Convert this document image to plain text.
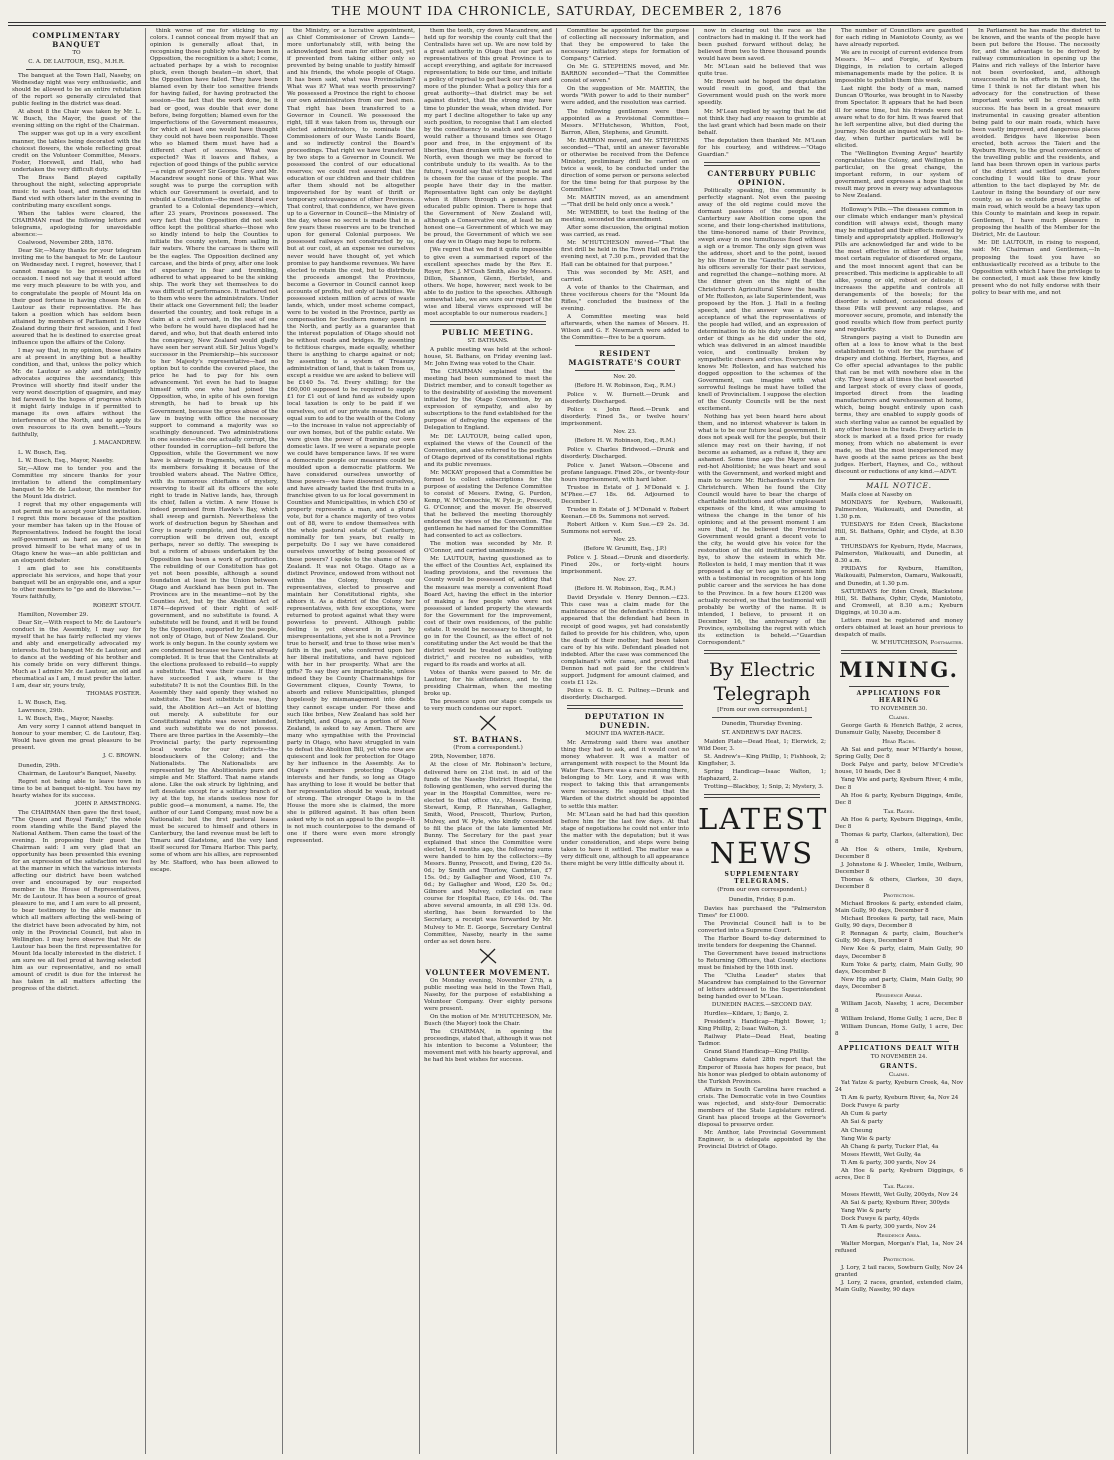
THE MOUNT IDA CHRONICLE, SATURDAY, DECEMBER 2, 1876
COMPLIMENTARY BANQUET
TO
C. A. DE LAUTOUR, ESQ., M.H.R.

The banquet at the Town Hall, Naseby, on Wednesday night was very enthusiastic, and should be allowed to be an entire refutation of the report so generally circulated that public feeling in the district was dead.

At about 8 the Chair was taken by Mr. L. W. Busch, the Mayor, the guest of the evening sitting on the right of the Chairman.

The supper was got up in a very excellent manner, the tables being decorated with the choicest flowers, the whole reflecting great credit on the Volunteer Committee, Messrs. Foster, Horswell, and Hall, who had undertaken the very difficult duty.

The Brass Band played capitally throughout the night, selecting appropriate music to each toast, and members of the Band vied with others later in the evening in contributing many excellent songs.

When the tables were cleared, the CHAIRMAN read the following letters and telegrams, apologising for unavoidable absence:—

Coalwood, November 28th, 1876.

Dear Sir,—Many thanks for your telegram inviting me to the banquet to Mr. de Lautour on Wednesday next. I regret, however, that I cannot manage to be present on the occasion. I need not say that it would afford me very much pleasure to be with you, and to congratulate the people of Mount Ida on their good fortune in having chosen Mr. de Lautour as their representative. He has taken a position which has seldom been attained by members of Parliament in New Zealand during their first session, and I feel assured that he is destined to exercise great influence upon the affairs of the Colony.

I may say that, in my opinion, those affairs are at present in anything but a healthy condition, and that, unless the policy which Mr. de Lautour so ably and intelligently advocates acquires the ascendancy, this Province will shortly find itself under the very worst description of quagmire, and may bid farewell to the hopes of progress which it might fairly indulge in if permitted to manage its own affairs without the interference of the North, and to apply its own resources to its own benefit.—Yours faithfully,

J. MACANDREW.

L. W. Busch, Esq.

L. W. Busch, Esq., Mayor, Naseby.

Sir,—Allow me to tender you and the Committee my sincere thanks for your invitation to attend the complimentary banquet to Mr. de Lautour, the member for the Mount Ida district.

I regret that my other engagements will not permit me to accept your kind invitation. I regret this more because of the position your member has taken up in the House of Representatives. Indeed he fought the local self-government as hard as any, and he proved himself to be what many of us in Otago knew he was—an able politician and an eloquent debater.

I am glad to see his constituents appreciate his services, and hope that your banquet will be an enjoyable one, and a spur to other members to "go and do likewise."—Yours faithfully,

ROBERT STOUT.

Hamilton, November 29.

Dear Sir,—With respect to Mr. de Lautour's conduct in the Assembly, I may say for myself that he has fairly reflected my views and ably and energetically advocated my interests. But to banquet Mr. de Lautour, and to dance at the wedding of his brother and his comely bride on very different things. Much as I admire Mr. de Lautour, an old and rheumatical as I am, I must prefer the latter. I am, dear sir, yours truly,

THOMAS FOSTER.

L. W. Busch, Esq.

Lawrence, 29th.

L. W. Busch, Esq., Mayor, Naseby.

Am very sorry I cannot attend banquet in honour to your member, C. de Lautour, Esq. Would have given me great pleasure to be present.

J. C. BROWN.

Dunedin, 29th.

Chairman, de Lautour's Banquet, Naseby.

Regret not being able to leave town in time to be at banquet to-night. You have my hearty wishes for its success.

JOHN P. ARMSTRONG.

The CHAIRMAN then gave the first toast, "The Queen and Royal Family," the whole room standing while the Band played the National Anthem. Then came the toast of the evening. In proposing their guest the Chairman said: I am very glad that an opportunity has been presented this evening for an expression of the satisfaction we feel at the manner in which the various interests affecting our district have been watched over and encouraged by our respected member in the House of Representatives, Mr. de Lautour. It has been a source of great pleasure to me, and I am sure to all present, to bear testimony to the able manner in which all matters affecting the well-being of the district have been advocated by him, not only in the Provincial Council, but also in Wellington. I may here observe that Mr. de Lautour has been the first representative for Mount Ida locally interested in the district. I am sure we all feel proud at having selected him as our representative, and no small amount of credit is due for the interest he has taken in all matters affecting the progress of the district.

think worse of me for sticking to my colors. I cannot conceal from myself that an opinion is generally afloat that, in recognising those publicly who have been in Opposition, the recognition is a shot; I come, actuated perhaps by a wish to recognise pluck, even though beaten—in short, that the Opposition have failed. They have been blamed even by their too sensitive friends for having failed, for having protracted the session—the fact that the work done, be it bad or good, was double that ever done before, being forgotten; blamed even for the imperfections of the Government measures, for which at least one would have thought they could not have been responsible. Those who so blamed them must have had a different chart of success. What was expected? Was it loaves and fishes, a rejection of good things of the public service—a reign of power? Sir George Grey and Mr. Macandrew sought none of this. What was sought was to purge the corruption with which our Government is overlaid, and to rebuild a Constitution—the most liberal ever granted to a Colonial dependency—which, after 23 years, Provinces possessed. The very fact that the Opposition did not seek office kept the political sharks—those who so kindly intend to help the Counties to initiate the county system, from sailing in fair waters. Where the carcase is there will be the eagles. The Opposition declined any carcase, and the birds of prey, after one look of expectancy in fear and trembling, adhered to what appeared to be the sinking ship. The work they set themselves to do was difficult of performance. It mattered not to them who were the administrators. Under their attack one Government fell; the leader deserted the country, and took refuge in a claim at a civil servant, in the seat of one who before he would have displaced had he dared, and who, but that death entered into the conspiracy, New Zealand would gladly have seen her servant still. Sir Julius Vogel's successor in the Premiership—his successor to her Majesty's representative—had no option but to confide the covered place, the price he had to pay for his own advancement. Yet even he had to league himself with one who had joined the Opposition, who, in spite of his own foreign strength, he had to break up his Government, because the gross abuse of the law in buying with office the necessary support to command a majority was so scathingly denounced. Two administrations in one session—the one actually corrupt, the other founded in corruption—fell before the Opposition, while the Government we now have is already in fragments, with three of its members forsaking it because of the troubled waters ahead. The Native Office, with its numerous chieftains of mystery, reserving to itself all its officers the sole right to trade in Native lands, has, through its chief, fallen a victim. A new House is indeed promised from Hawke's Bay, which shall sweep and garnish. Nevertheless the work of destruction begun by Sheehan and Grey is nearly complete, and the devils of corruption will be driven out, except perhaps, never so deftly. The sweeping is but a reform of abuses undertaken by the Opposition has been a work of purification. The rebuilding of our Constitution has got yet not been possible, although a sound foundation at least in the Union between Otago and Auckland has been put in. The Provinces are in the meantime—not by the Counties Act, but by the Abolition Act of 1874—deprived of their right of self-government, and no substitute is found. A substitute will be found, and it will be found by the Opposition, supported by the people, not only of Otago, but of New Zealand. Our work is only begun. In the county system we are condemned because we have not already completed. It is true that the Centralists at the elections professed to rebuild—to supply a substitute. That was their cause. If they have succeeded I ask, where is the substitute? It is not the Counties Bill. In the Assembly they said openly they wished no substitute. The best substitute was, they said, the Abolition Act—an Act of blotting out merely. A substitute for our Constitutional rights was never intended, and such substitute we do not possess. There are three parties in the Assembly—the Provincial party; the party representing local works for our districts—the bloodsuckers of the Colony; and the Nationalists. The Nationalists are represented by the Abolitionists pure and simple and Mr. Stafford. That name stands alone. Like the oak struck by lightning, and left desolate except for a solitary branch of ivy at the top, he stands useless now for public good—a monument, a name. He, the author of our Land Company, must now be a Nationalist: but the first pastoral leases must be secured to himself and others in Canterbury, the land revenue must be left to Timaru and Gladstone, and the very land itself secured for Timaru Harbor. This party, some of whom are his allies, are represented by Mr. Stafford, who has been allowed to escape.

the Ministry, or a lucrative appointment, as Chief Commissioner of Crown Lands—more unfortunately still, with being the acknowledged best man for either post, yet if prevented from taking either only so prevented by being unable to justify himself and his friends, the whole people of Otago. It has been said, what was Provincialism? What was it? What was worth preserving? We possessed a Province the right to choose our own administrators from our best men. That right has been transferred to a Governor in Council. We possessed the right, till it was taken from us, through our elected administrators, to nominate the Commissioners of our Waste Lands Board, and so indirectly control the Board's proceedings. That right we have transferred by two steps to a Governor in Council. We possessed the control of our educational reserves; we could rest assured that the education of our children and their children after them should not be altogether impoverished for by want of thrift or temporary extravagance of other Provinces. That control, that confidence, we have given up to a Governor in Council—the Ministry of the day, whose no secret is made that in a few years these reserves are to be trenched upon for general Colonial purposes. We possessed railways not constructed by us, but at our cost, at an expense we ourselves never would have thought of, yet which promise to pay handsome revenues. We have elected to retain the cost, but to distribute the proceeds amongst the Provinces, become a Governor in Council cannot keep accounts of profits, but only of liabilities. We possessed sixteen million of acres of waste lands, which, under most scheme compact, were to be vested in the Province, partly as compensation for Southern money spent in the North, and partly as a guarantee that the interest population of Otago should not be without roads and bridges. By assenting to fictitious charges, made equally, whether there is anything to charge against or not; by assenting to a system of Treasury administration of land, that is taken from us, except a residue we are asked to believe will be £140 5s. 7d. Every shilling; for the £60,000 supposed to be required to supply £1 for £1 out of land fund as subsidy upon local taxation is only to be paid if we ourselves, out of our private means, find an equal sum to add to the wealth of the Colony—to the increase in value not appreciably of our own homes, but of the public estate. We were given the power of framing our own domestic laws. If we were a separate people we could have temperance laws. If we were a democratic people our measures could be moulded upon a democratic platform. We have considered ourselves unworthy of these powers—we have disowned ourselves, and have already tasted the first fruits in a franchise given to us for local government in Counties and Municipalities, in which £50 of property represents a man, and a plural vote, but for a chance majority of two votes out of 88, were to endow themselves with the whole pastoral estate of Canterbury, nominally for ten years, but really in perpetuity. Do I say we have considered ourselves unworthy of being possessed of these powers? I spoke to the shame of New Zealand. It was not Otago. Otago as a distinct Province, endowed from without not within the Colony, through our representatives, elected to preserve and maintain her Constitutional rights, she abhors it. As a district of the Colony her representatives, with few exceptions, were returned to protest against what they were powerless to prevent. Although public feeling is yet obscured in part by misrepresentations, yet she is not a Province true to herself, and true to those wise men's faith in the past, who conferred upon her her liberal institutions, and have rejoiced with her in her prosperity. What are the gifts? To say they are impracticable, unless indeed they be County Chairmanships for Government cliques, County Towns, to absorb and relieve Municipalities, plunged hopelessly by mismanagement into debts they cannot escape under. For these and such like bribes, New Zealand has sold her birthright, and Otago, as a portion of New Zealand, is asked to say Amen. There are many who sympathise with the Provincial party in Otago, who have struggled in vain to defeat the Abolition Bill, yet who now are quiescent and look for protection for Otago by her influence in the Assembly. As to Otago's members protecting Otago's interests and her funds, so long as Otago has anything to lose it would be better that her representation should be weak, instead of strong. The stronger Otago is in the House the more she is claimed, the more she is pilfered against. It has often been asked why is not an appeal to the people—It is not much counterpoise to the demand of one if there were even more strongly represented.

them the teeth, cry down Macandrew, and held up for worship the county cult that the Centralists have set up. We are now told by a great authority in Otago that our part as representatives of this great Province is to accept everything, and agitate for increased representation; to bide our time, and initiate a policy of reprisal to get back our share and more of the plunder. What a policy this for a great authority—that district may be set against district, that the strong may have time to plunder the weak, when divided. For my part I decline altogether to take up any such position, to recognise that I am elected by the constituency to snatch and devour. I would rather a thousand times see Otago poor and free, in the enjoyment of its liberties, than drunken with the spoils of the North, even though we may be forced to contribute unduly to its wealth. As to the future, I would say that victory must be and is chosen for the cause of the people. The people have their day in the matter. Representative light can only be daylight when it filters through a generous and educated public opinion. There is hope that the Government of New Zealand will, although a Conservative one, at least be an honest one—a Government of which we may be proud, the Government of which we see one day we in Otago may hope to reform.

[We regret that we find it quite impossible to give even a summarised report of the excellent speeches made by the Rev. E. Royer, Rev. J. M'Cosh Smith, also by Messrs. Dillon, Shannon, Glenn, Hertslet, and others. We hope, however, next week to be able to do justice to the speeches. Although somewhat late, we are sure our report of the wise and liberal views expressed will be most acceptable to our numerous readers.]

PUBLIC MEETING.
ST. BATHANS.

A public meeting was held at the school-house, St. Bathans, on Friday evening last. Mr. John Ewing was voted to the Chair.

The CHAIRMAN explained that the meeting had been summoned to meet the District member, and to consult together as to the desirability of assisting the movement initiated by the Otago Convention, by an expression of sympathy, and also by subscriptions to the fund established for the purpose of defraying the expenses of the Delegation to England.

Mr. DE LAUTOUR, being called upon, explained the views of the Council of the Convention, and also referred to the position of Otago deprived of its constitutional rights and its public revenues.

Mr. MCKAY proposed that a Committee be formed to collect subscriptions for the purpose of assisting the Defence Committee to consist of Messrs. Ewing, G. Purdon, Kemp, W. M'Connochie, W. Pyle jr., Prescott, G. O'Connor, and the mover. He observed that he believed the meeting thoroughly endorsed the views of the Convention. The gentlemen he had named for the Committee had consented to act as collectors.

The motion was seconded by Mr. P. O'Connor, and carried unanimously.

Mr. LAUTOUR, having questioned as to the effect of the Counties Act, explained its leading provisions, and the revenues the County would be possessed of, adding that the measure was merely a convenient Road Board Act, having the effect in the interior of making a few people who were not possessed of landed property the stewards for the Government for the improvement, cost of their own residences, of the public estate. It would be necessary to thought, to go in for the Council, as the effect of not constituting under the Act would be that the district would be treated as an "outlying district," and receive no subsidies, with regard to its roads and works at all.

Votes of thanks were passed to Mr. de Lautour, for his attendance, and to the presiding Chairman, when the meeting broke up.

The presence upon our stage compels us to very much condense our report.

ST. BATHANS.
(From a correspondent.)

29th, November, 1876.

At the close of Mr. Robinson's lecture, delivered here on 21st inst. in aid of the funds of the Naseby District Hospital, the following gentlemen, who served during the year in the Hospital Committee, were re-elected to that office viz., Messrs. Ewing, Stewart, Kemp, P. Hanrahan, Gallagher, Smith, Wood, Prescott, Thurlow, Purton, Mulvey, and W. Pyle, who kindly consented to fill the place of the late lamented Mr. Bunny. The Secretary for the past year explained that since the Committee were elected, 14 months ago, the following sums were handed to him by the collectors:—By Messrs. Bunny, Prescott, and Ewing, £20 5s. 0d.; by Smith and Thurlow, Cambrian, £7 15s. 0d.; by Gallagher and Wood, £10 7s. 6d.; by Gallagher and Wood, £20 5s. 0d.; Gilmore and Mulvey, collected on race course for Hospital Race, £9 14s. 0d. The above several amounts, in all £98 13s. 0d. sterling, has been forwarded to the Secretary, a receipt was forwarded by Mr. Mulvey to Mr. E. George, Secretary Central Committee, Naseby, nearly in the same order as set down here.

VOLUNTEER MOVEMENT.

On Monday evening, November 27th, a public meeting was held in the Town Hall, Naseby, for the purpose of establishing a Volunteer Company. Over eighty persons were present.

On the motion of Mr. M'HUTCHESON, Mr. Busch (the Mayor) took the Chair.

The CHAIRMAN, in opening the proceedings, stated that, although it was not his intention to become a Volunteer, the movement met with his hearty approval, and he had his best wishes for success.

Committee be appointed for the purpose of collecting all necessary information, and that they be empowered to take the necessary initiatory steps for formation of Company." Carried.

On Mr. G. STEPHENS moved, and Mr. BARRON seconded—"That the Committee consist of seven."

On the suggestion of Mr. MARTIN, the words "With power to add to their number" were added, and the resolution was carried.

The following gentlemen were then appointed as a Provisional Committee—Messrs. M'Hutcheson, Whitton, Foot, Barron, Allen, Stephens, and Grumitt.

Mr. BARRON moved, and Mr. STEPHENS seconded—"That, until an answer favorable or otherwise be received from the Defence Minister, preliminary drill be carried on twice a week, to be conducted under the direction of some person or persons selected for the time being for that purpose by the Committee."

Mr. MARTIN moved, as an amendment—"That drill be held only once a week."

Mr. WEMBER, to test the feeling of the meeting, seconded the amendment.

After some discussion, the original motion was carried, as read.

Mr. M'HUTCHESON moved—"That the first drill be held in the Town Hall on Friday evening next, at 7.30 p.m., provided that the Hall can be obtained for that purpose."

This was seconded by Mr. ASH, and carried.

A vote of thanks to the Chairman, and three vociferous cheers for the "Mount Ida Rifles," concluded the business of the evening.

A Committee meeting was held afterwards, when the names of Messrs. H. Wilson and G. F. Newmarch were added to the Committee—five to be a quorum.

RESIDENT MAGISTRATE'S COURT
Nov. 20.
(Before H. W. Robinson, Esq., R.M.)

Police v. W. Burnett.—Drunk and disorderly. Discharged.

Police v. John Reed.—Drunk and disorderly. Fined 5s., or twelve hours' imprisonment.

Nov. 23.
(Before H. W. Robinson, Esq., R.M.)

Police v. Charles Bridwood.—Drunk and disorderly. Discharged.

Police v. Janet Watson.—Obscene and profane language. Fined 20s., or twenty-four hours imprisonment, with hard labor.

Trustee in Estate of J. M'Donald v. J. M'Phee.—£7 18s. 6d. Adjourned to December 1.

Trustee in Estate of J. M'Donald v. Robert Keenan.—£6 9s. Summons not served.

Robert Aitken v. Kum Sue.—£9 2s. 3d. Summons not served.

Nov. 25.
(Before W. Grumitt, Esq., J.P.)

Police v. J. Stead.—Drunk and disorderly. Fined 20s., or forty-eight hours imprisonment.

Nov. 27.
(Before H. W. Robinson, Esq., R.M.)

David Drysdale v. Henry Dennon.—£23. This case was a claim made for the maintenance of the defendant's children. It appeared that the defendant had been in receipt of good wages, yet had consistently failed to provide for his children, who, upon the death of their mother, had been taken care of by his wife. Defendant pleaded not indebted. After the case was commenced the complainant's wife came, and proved that Dennon had not paid for the children's support. Judgment for amount claimed, and costs £1 12s.

Police v. G. B. C. Pultney.—Drunk and disorderly. Discharged.

DEPUTATION IN DUNEDIN.
MOUNT IDA WATER-RACE.

Mr. Armstrong said there was another thing they had to ask, and it would cost no money whatever. It was a matter of arrangement with respect to the Mount Ida Water Race. There was a race running there, belonging to Mr. Lory, and it was with respect to taking this that arrangements were necessary. He suggested that the Warden of the district should be appointed to settle this matter.

Mr. M'Lean said he had had this question before him for the last few days. At that stage of negotiations he could not enter into the matter with the deputation; but it was under consideration, and steps were being taken to have it settled. The matter was a very difficult one, although to all appearance there might be very little difficulty about it.

now in clearing out the race as the contractors had in making it. If the work had been pushed forward without delay, he believed from two to three thousand pounds would have been saved.

Mr. M'Lean said he believed that was quite true.

Mr. Brown said he hoped the deputation would result in good, and that the Government would push on the work more speedily.

Mr. M'Lean replied by saying that he did not think they had any reason to grumble at the last grant which had been made on their behalf.

The deputation then thanked Mr. M'Lean for his courtesy, and withdrew.—"Otago Guardian."

CANTERBURY PUBLIC OPINION.

Politically speaking, the community is perfectly stagnant. Not even the passing away of the old regime could move the dormant passions of the people, and Canterbury saw Abolition come upon the scene, and their long-cherished institutions, the time-honored name of their Province, swept away in one tumultuous flood without a sigh or a tremor. The only sign given was the address, short and to the point, issued by his Honor in the "Gazette." He thanked his officers severally for their past services, and regretted the change—nothing more. At the dinner given on the night of the Christchurch Agricultural Show the health of Mr. Rolleston, as late Superintendent, was proposed by the Hon. J. Hall in a feeling speech, and the answer was a manly acceptance of what the representatives of the people had willed, and an expression of determination to do his duty under the new order of things as he did under the old, which was delivered in an almost inaudible voice, and continually broken by sympathetic cheers and cries. Everyone who knows Mr. Rolleston, and has watched his dogged opposition to the schemes of the Government, can imagine with what sorrowful feelings he must have tolled the knell of Provincialism. I suppose the election of the County Councils will be the next excitement.

Nothing has yet been heard here about them, and no interest whatever is taken in what is to be our future local government. It does not speak well for the people, but their silence may rest on their having, if not become as ashamed, as a refuse it, they are ashamed. Some time ago the Mayor was a red-hot Abolitionist; he was heart and soul with the Government, and worked might and main to secure Mr. Richardson's return for Christchurch. When he found the City Council would have to bear the charge of charitable institutions and other unpleasant expenses of the kind, it was amusing to witness the change in the tenor of his opinions; and at the present moment I am sure that, if he believed the Provincial Government would grant a decent vote to the city, he would give his voice for the restoration of the old institutions. By the-bye, to show the esteem in which Mr. Rolleston is held, I may mention that it was proposed a day or two ago to present him with a testimonial in recognition of his long public career and the services he has done to the Province. In a few hours £1200 was actually received, so that the testimonial will probably be worthy of the name. It is intended, I believe, to present it on December 16, the anniversary of the Province, symbolising the regret with which its extinction is beheld.—"Guardian Correspondent."

By Electric Telegraph
[From our own correspondent.]
Dunedin, Thursday Evening.
ST. ANDREW'S DAY RACES.

Maiden Plate—Dead Heat, 1; Elerwick, 2; Wild Deer, 3.

St. Andrew's—King Phillip, 1; Fishhook, 2; Kingfisher, 3.

Spring Handicap—Isaac Walton, 1; Haphazard, 2.

Trotting—Blackboy, 1; Snip, 2; Mystery, 3.

LATEST NEWS
SUPPLEMENTARY TELEGRAMS.
(From our own correspondent.)
Dunedin, Friday, 8 p.m.

Davies has purchased the "Palmerston Times" for £1000.

The Provincial Council hall is to be converted into a Supreme Court.

The Harbor Board to-day determined to invite tenders for deepening the Channel.

The Government have issued instructions to Returning Officers, that County elections must be finished by the 16th inst.

The "Clutha Leader" states that Macandrew has complained to the Governor of letters addressed to the Superintendent being handed over to M'Lean.

DUNEDIN RACES.—SECOND DAY.

Hurdles—Kildare, 1; Banjo, 2.

President's Handicap—Right Bower, 1; King Phillip, 2; Isaac Walton, 3.

Railway Plate—Dead Heat, beating Tadmor.

Grand Stand Handicap—King Phillip.

Cablegrams dated 28th report that the Emperor of Russia has hopes for peace, but his honor was pledged to obtain autonomy of the Turkish Provinces.

Affairs in South Carolina have reached a crisis. The Democratic vote in two Counties was rejected, and sixty-four Democratic members of the State Legislature retired. Grant has placed troops at the Governor's disposal to preserve order.

Mr. Amthor, late Provincial Government Engineer, is a delegate appointed by the Provincial District of Otago.

The number of Councillors are gazetted for each riding in Maniototo County, as we have already reported.

We are in receipt of current evidence from Messrs. M— and Forgie, of Kyeburn Diggings, in relation to certain alleged mismanagements made by the police. It is impossible to publish them this week.

Last night the body of a man, named Duncan O'Rourke, was brought in to Naseby from Spectator. It appears that he had been ill for some time, but his friends were not aware what to do for him. It was feared that he left serpentine alive, but died during the journey. No doubt an inquest will be held to-day, when further particulars will be elicited.

The "Wellington Evening Argus" heartily congratulates the Colony, and Wellington in particular, on the great change, the important reform, in our system of government, and expresses a hope that the result may prove in every way advantageous to New Zealand.

Holloway's Pills.—The diseases common in our climate which endanger man's physical condition will always exist, though many may be mitigated and their effects moved by timely and appropriately applied. Holloway's Pills are acknowledged far and wide to be the most effective in either of these, the most certain regulator of disordered organs, and the most innocent agent that can be prescribed. This medicine is applicable to all alike, young or old, robust or delicate; it increases the appetite and controls all derangements of the bowels; for the disorder is subdued, occasional doses of these Pills will prevent any relapse, and moreover secure, promote, and intensify the good results which flow from perfect purity and regularity.

Strangers paying a visit to Dunedin are often at a loss to know what is the best establishment to visit for the purchase of drapery and clothing. Herbert, Haynes, and Co offer special advantages to the public that can be met with nowhere else in the city. They keep at all times the best assorted and largest stock of every class of goods, imported direct from the leading manufacturers and warehousemen at home, which, being bought entirely upon cash terms, they are enabled to supply goods of such sterling value as cannot be equalled by any other house in the trade. Every article in stock is marked at a fixed price for ready money, from which no abatement is ever made, so that the most inexperienced may have goods at the same prices as the best judges. Herbert, Haynes, and Co., without discount or reductions of any kind.—ADVT.

MAIL NOTICE.

Mails close at Naseby on

MONDAYS for Kyeburn, Waikouaiti, Palmerston, Waikouaiti, and Dunedin, at 1.30 p.m.

TUESDAYS for Eden Creek, Blackstone Hill, St. Bathans, Ophir, and Clyde, at 8.30 a.m.

THURSDAYS for Kyeburn, Hyde, Macraes, Palmerston, Waikouaiti, and Dunedin, at 8.30 a.m.

FRIDAYS for Kyeburn, Hamilton, Waikouaiti, Palmerston, Oamaru, Waikouaiti, and Dunedin, at 1.30 p.m.

SATURDAYS for Eden Creek, Blackstone Hill, St. Bathans, Ophir, Clyde, Maniototo, and Cromwell, at 8.30 a.m.; Kyeburn Diggings, at 10.30 a.m.

Letters must be registered and money orders obtained at least an hour previous to despatch of mails.

W. M'HUTCHESON, Postmaster.
MINING.
APPLICATIONS FOR HEARING
TO NOVEMBER 30.
Claims.

George Garth & Henrich Bathje, 2 acres, Dunsmuir Gully, Naseby, December 8

Head Races.

Ah Sai and party, near M'Hardy's house, Spring Gully, Dec 8

Dock Palye and party, below M'Credie's house, 10 heads, Dec 8

Yang Wie and party, Kyeburn River, 4 mile, Dec 8

Ah Hoe & party, Kyeburn Diggings, 4mile, Dec 8

Tail Races.

Ah Hoe & party, Kyeburn Diggings, 4mile, Dec 8

Thomas & party, Clarkes, (alteration), Dec 8

Ah Hoe & others, 1mile, Kyeburn, December 8

J. Johnstone & J. Wheeler, 1mile, Welburn, December 8

Thomas & others, Clarkes, 30 days, December 8

Protection.

Michael Brookes & party, extended claim, Main Gully, 90 days, December 8

Michael Brookes & party, tail race, Main Gully, 90 days, December 8

P. Rennagan & party, claim, Boucher's Gully, 90 days, December 8

New Kee & party, claim, Main Gully, 90 days, December 8

Kum Yoke & party, claim, Main Gully, 90 days, December 8

New Hip and party, Claim, Main Gully, 90 days, December 8

Residence Areas.

William Jacob, Naseby, 1 acre, December 8

William Ireland, Home Gully, 1 acre, Dec 8

William Duncan, Home Gully, 1 acre, Dec 8

APPLICATIONS DEALT WITH
TO NOVEMBER 24.
GRANTS.
Claims.

Yat Yatze & party, Kyeburn Creek, 4a, Nov 24

Ti Am & party, Kyeburn River, 4a, Nov 24

Dock Fuwye & party

Ah Cum & party

Ah Sai & party

Ah Cheung

Yang Wie & party

Ah Chang & party, Tucker Flat, 4a

Moses Hewitt, Wet Gully, 4a

Ti Am & party, 300 yards, Nov 24

Ah Hoe & party, Kyeburn Diggings, 6 acres, Dec 8

Tail Races.

Moses Hewitt, Wet Gully, 200yds, Nov 24

Ah Sai & party, Kyeburn River, 300yds

Yang Wie & party

Dock Fuwye & party, 40yds

Ti Am & party, 300 yards, Nov 24

Residence Area.

Walter Morgan, Morgan's Flat, 1a, Nov 24 refused

Protection.

J. Lory, 2 tail races, Sowburn Gully, Nov 24 granted

J. Lory, 2 races, granted, extended claim, Main Gully, Naseby, 90 days

In Parliament he has made the district to be known, and the wants of the people have been put before the House. The necessity for, and the advantage to be derived by railway communication in opening up the Plains and rich valleys of the Interior have not been overlooked, and, although unsuccessful in his efforts in the past, the time I think is not far distant when his advocacy for the construction of these important works will be crowned with success. He has been in a great measure instrumental in causing greater attention being paid to our main roads, which have been vastly improved, and dangerous places avoided. Bridges have likewise been erected, both across the Taieri and the Kyeburn Rivers, to the great convenience of the travelling public and the residents, and land has been thrown open in various parts of the district and settled upon. Before concluding I would like to draw your attention to the tact displayed by Mr. de Lautour in fixing the boundary of our new county, so as to exclude great lengths of main road, which would be a heavy tax upon this County to maintain and keep in repair. Gentlemen, I have much pleasure in proposing the health of the Member for the District, Mr. de Lautour.

Mr. DE LAUTOUR, in rising to respond, said: Mr. Chairman and Gentlemen,—In proposing the toast you have so enthusiastically received as a tribute to the Opposition with which I have the privilege to be connected, I must ask these few kindly present who do not fully endorse with their policy to bear with me, and not
